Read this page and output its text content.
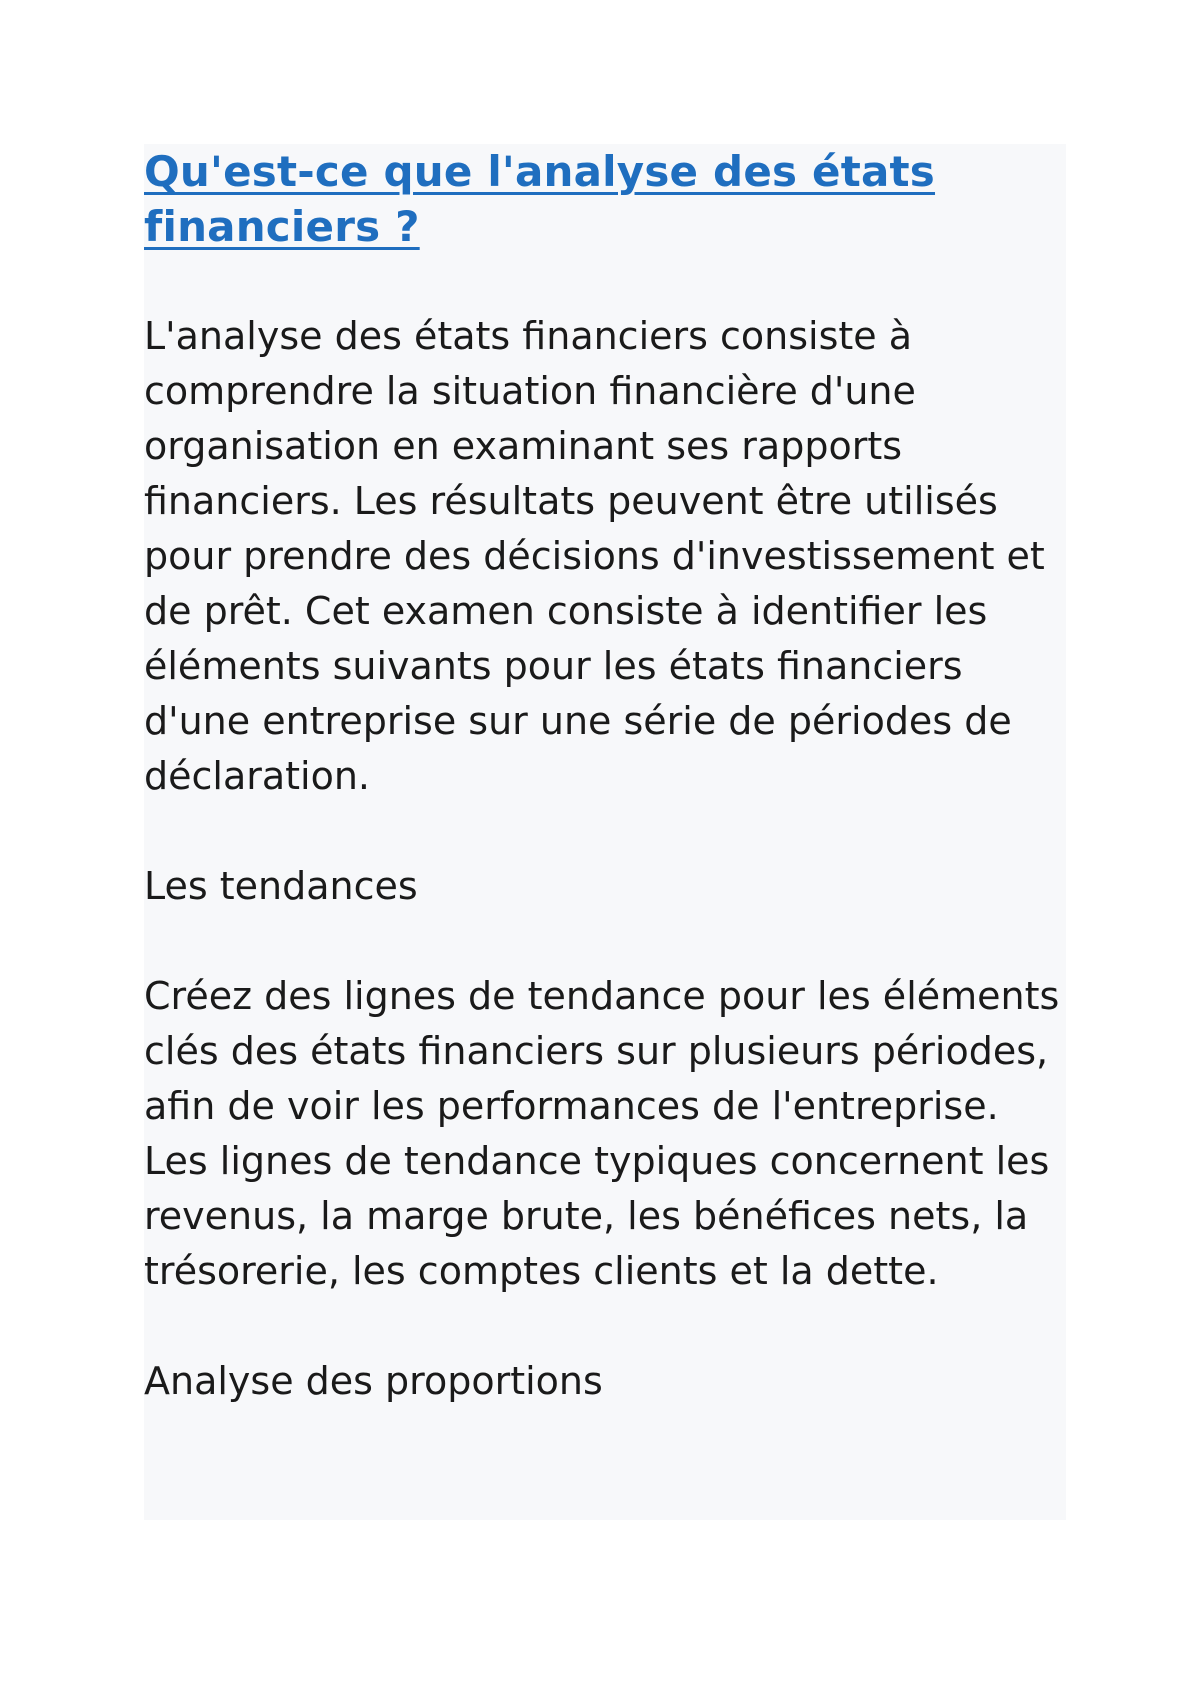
Qu'est-ce que l'analyse des états financiers ?
L'analyse des états financiers consiste à comprendre la situation financière d'une organisation en examinant ses rapports financiers. Les résultats peuvent être utilisés pour prendre des décisions d'investissement et de prêt. Cet examen consiste à identifier les éléments suivants pour les états financiers d'une entreprise sur une série de périodes de déclaration.
Les tendances
Créez des lignes de tendance pour les éléments clés des états financiers sur plusieurs périodes, afin de voir les performances de l'entreprise. Les lignes de tendance typiques concernent les revenus, la marge brute, les bénéfices nets, la trésorerie, les comptes clients et la dette.
Analyse des proportions
